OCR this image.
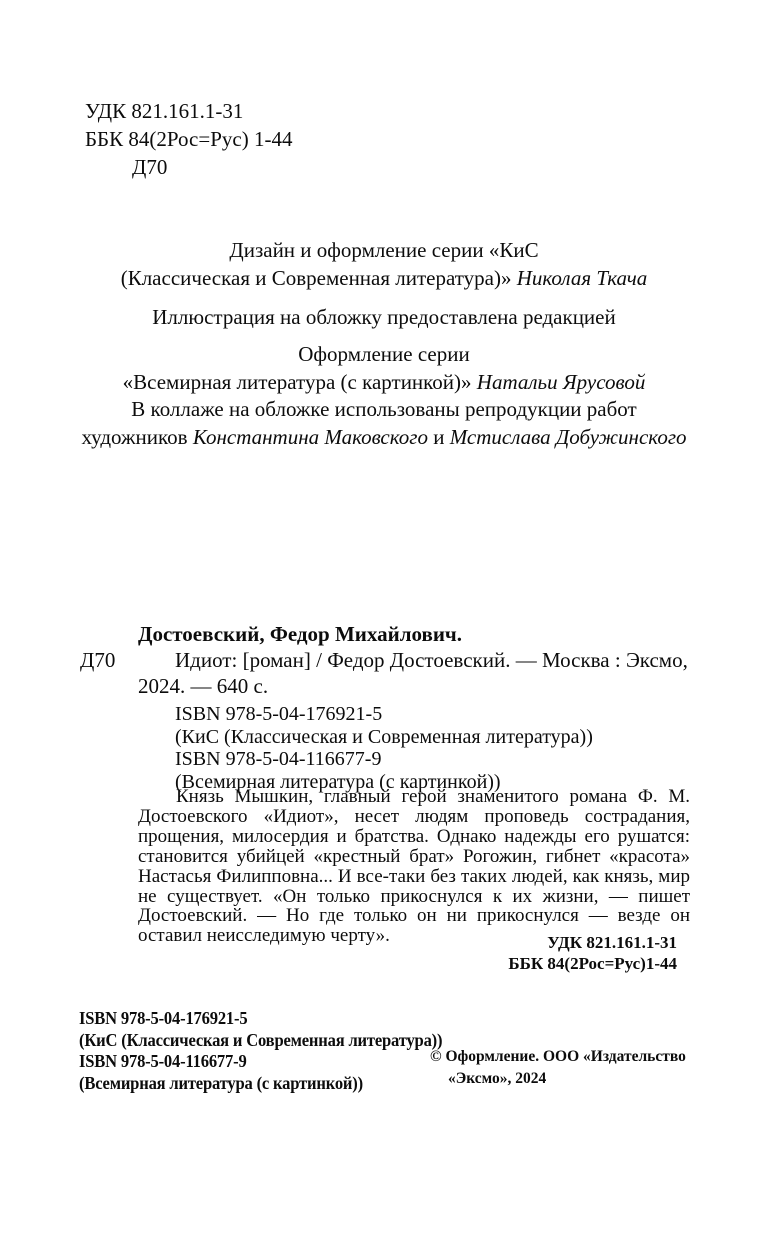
УДК 821.161.1-31
ББК 84(2Рос=Рус) 1-44
Д70
Дизайн и оформление серии «КиС
(Классическая и Современная литература)» Николая Ткача
Иллюстрация на обложку предоставлена редакцией
Оформление серии
«Всемирная литература (с картинкой)» Натальи Ярусовой
В коллаже на обложке использованы репродукции работ
художников Константина Маковского и Мстислава Добужинского
Достоевский, Федор Михайлович.
Д70	Идиот: [роман] / Федор Достоевский. — Москва : Эксмо,
2024. — 640 с.
ISBN 978-5-04-176921-5
(КиС (Классическая и Современная литература))
ISBN 978-5-04-116677-9
(Всемирная литература (с картинкой))
Князь Мышкин, главный герой знаменитого романа Ф. М. Достоевского «Идиот», несет людям проповедь сострадания, прощения, милосердия и братства. Однако надежды его рушатся: становится убийцей «крестный брат» Рогожин, гибнет «красота» Настасья Филипповна... И все-таки без таких людей, как князь, мир не существует. «Он только прикоснулся к их жизни, — пишет Достоевский. — Но где только он ни прикоснулся — везде он оставил неисследимую черту».	УДК 821.161.1-31
ББК 84(2Рос=Рус)1-44
ISBN 978-5-04-176921-5
(КиС (Классическая и Современная литература))
ISBN 978-5-04-116677-9
(Всемирная литература (с картинкой))
© Оформление. ООО «Издательство
«Эксмо», 2024
